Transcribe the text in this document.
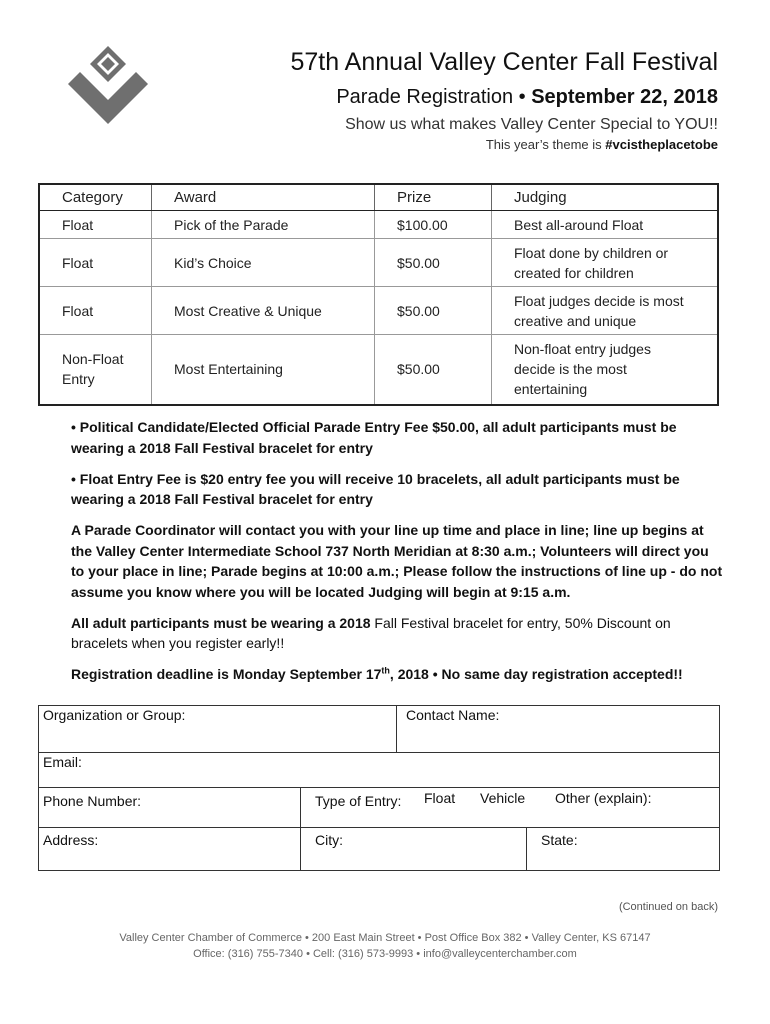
57th Annual Valley Center Fall Festival
Parade Registration • September 22, 2018
Show us what makes Valley Center Special to YOU!!
This year’s theme is #vcistheplacetobe
Category	Award	Prize	Judging
Float	Pick of the Parade	$100.00	Best all-around Float
Float	Kid’s Choice	$50.00	Float done by children or created for children
Float	Most Creative & Unique	$50.00	Float judges decide is most creative and unique
Non-Float Entry	Most Entertaining	$50.00	Non-float entry judges decide is the most entertaining

• Political Candidate/Elected Official Parade Entry Fee $50.00, all adult participants must be wearing a 2018 Fall Festival bracelet for entry

• Float Entry Fee is $20 entry fee you will receive 10 bracelets, all adult participants must be wearing a 2018 Fall Festival bracelet for entry

A Parade Coordinator will contact you with your line up time and place in line; line up begins at the Valley Center Intermediate School 737 North Meridian at 8:30 a.m.; Volunteers will direct you to your place in line; Parade begins at 10:00 a.m.; Please follow the instructions of line up - do not assume you know where you will be located Judging will begin at 9:15 a.m.

All adult participants must be wearing a 2018 Fall Festival bracelet for entry, 50% Discount on bracelets when you register early!!

Registration deadline is Monday September 17th, 2018 • No same day registration accepted!!

Organization or Group:	Contact Name:
Email:
Phone Number:	Type of Entry: Float Vehicle Other (explain):
Address:	City:	State:
(Continued on back)
Valley Center Chamber of Commerce • 200 East Main Street • Post Office Box 382 • Valley Center, KS 67147
Office: (316) 755-7340 • Cell: (316) 573-9993 • info@valleycenterchamber.com
